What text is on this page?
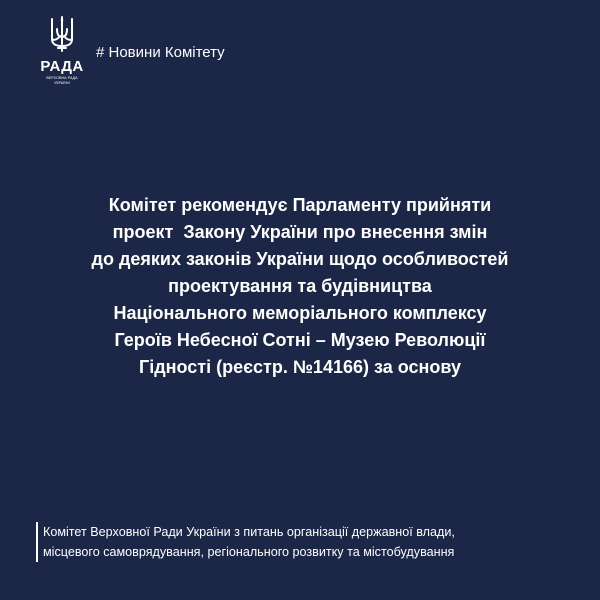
РАДА
ВЕРХОВНА РАДА
УКРАЇНИ
# Новини Комітету
Комітет рекомендує Парламенту прийняти
проект  Закону України про внесення змін
до деяких законів України щодо особливостей
проектування та будівництва
Національного меморіального комплексу
Героїв Небесної Сотні – Музею Революції
Гідності (реєстр. №14166) за основу
Комітет Верховної Ради України з питань організації державної влади,
місцевого самоврядування, регіонального розвитку та містобудування
